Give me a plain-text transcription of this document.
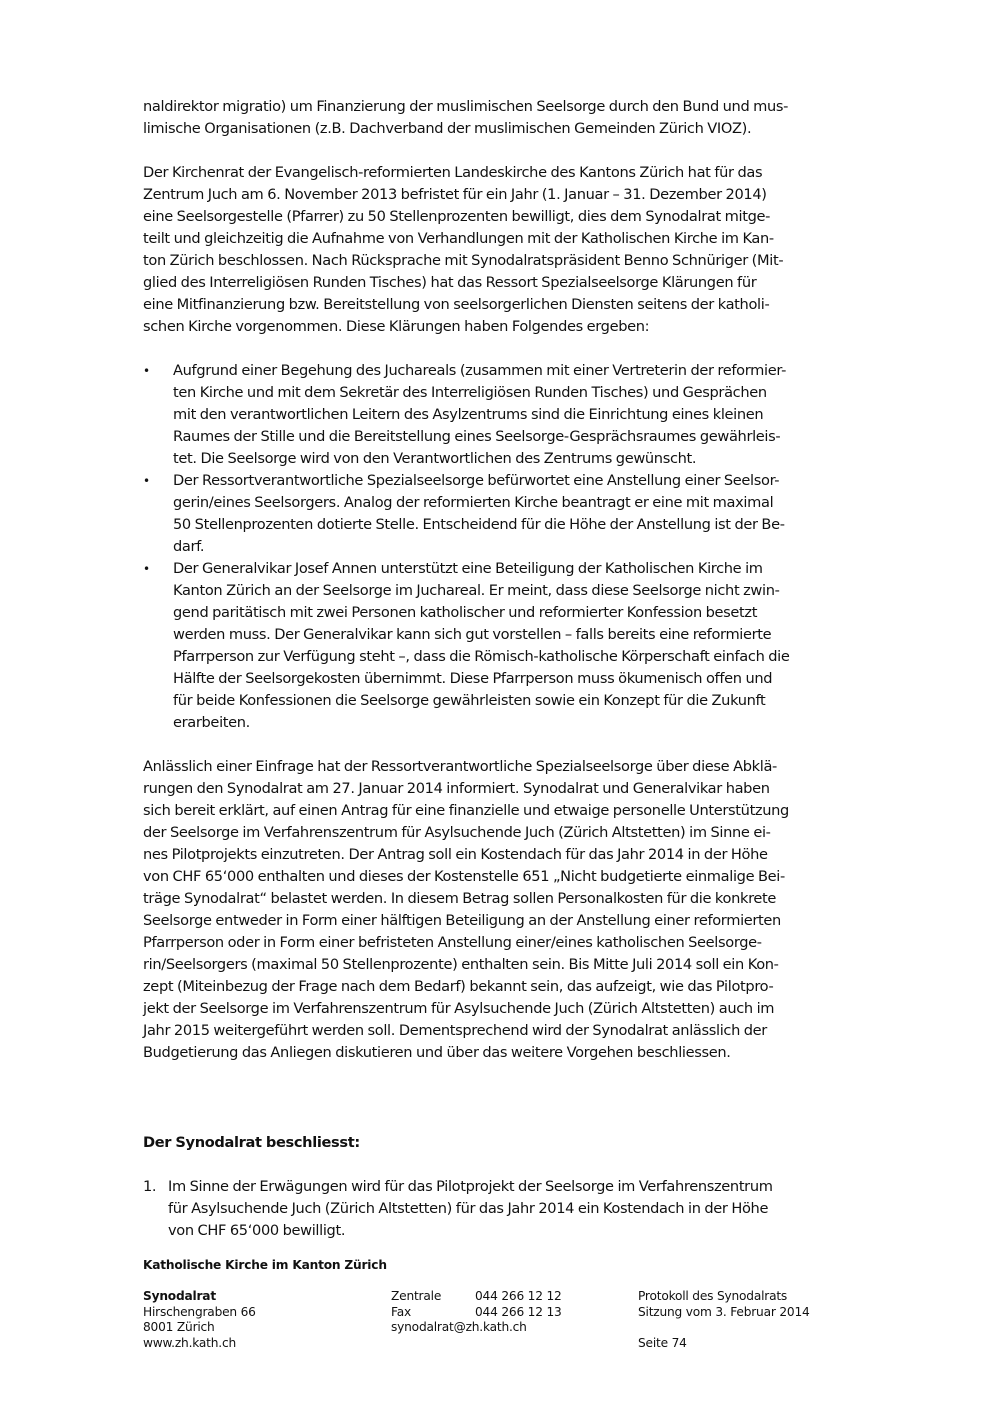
naldirektor migratio) um Finanzierung der muslimischen Seelsorge durch den Bund und mus-
limische Organisationen (z.B. Dachverband der muslimischen Gemeinden Zürich VIOZ).

Der Kirchenrat der Evangelisch-reformierten Landeskirche des Kantons Zürich hat für das
Zentrum Juch am 6. November 2013 befristet für ein Jahr (1. Januar – 31. Dezember 2014)
eine Seelsorgestelle (Pfarrer) zu 50 Stellenprozenten bewilligt, dies dem Synodalrat mitge-
teilt und gleichzeitig die Aufnahme von Verhandlungen mit der Katholischen Kirche im Kan-
ton Zürich beschlossen. Nach Rücksprache mit Synodalratspräsident Benno Schnüriger (Mit-
glied des Interreligiösen Runden Tisches) hat das Ressort Spezialseelsorge Klärungen für
eine Mitfinanzierung bzw. Bereitstellung von seelsorgerlichen Diensten seitens der katholi-
schen Kirche vorgenommen. Diese Klärungen haben Folgendes ergeben:

•	Aufgrund einer Begehung des Juchareals (zusammen mit einer Vertreterin der reformier-
ten Kirche und mit dem Sekretär des Interreligiösen Runden Tisches) und Gesprächen
mit den verantwortlichen Leitern des Asylzentrums sind die Einrichtung eines kleinen
Raumes der Stille und die Bereitstellung eines Seelsorge-Gesprächsraumes gewährleis-
tet. Die Seelsorge wird von den Verantwortlichen des Zentrums gewünscht.
•	Der Ressortverantwortliche Spezialseelsorge befürwortet eine Anstellung einer Seelsor-
gerin/eines Seelsorgers. Analog der reformierten Kirche beantragt er eine mit maximal
50 Stellenprozenten dotierte Stelle. Entscheidend für die Höhe der Anstellung ist der Be-
darf.
•	Der Generalvikar Josef Annen unterstützt eine Beteiligung der Katholischen Kirche im
Kanton Zürich an der Seelsorge im Juchareal. Er meint, dass diese Seelsorge nicht zwin-
gend paritätisch mit zwei Personen katholischer und reformierter Konfession besetzt
werden muss. Der Generalvikar kann sich gut vorstellen – falls bereits eine reformierte
Pfarrperson zur Verfügung steht –, dass die Römisch-katholische Körperschaft einfach die
Hälfte der Seelsorgekosten übernimmt. Diese Pfarrperson muss ökumenisch offen und
für beide Konfessionen die Seelsorge gewährleisten sowie ein Konzept für die Zukunft
erarbeiten.

Anlässlich einer Einfrage hat der Ressortverantwortliche Spezialseelsorge über diese Abklä-
rungen den Synodalrat am 27. Januar 2014 informiert. Synodalrat und Generalvikar haben
sich bereit erklärt, auf einen Antrag für eine finanzielle und etwaige personelle Unterstützung
der Seelsorge im Verfahrenszentrum für Asylsuchende Juch (Zürich Altstetten) im Sinne ei-
nes Pilotprojekts einzutreten. Der Antrag soll ein Kostendach für das Jahr 2014 in der Höhe
von CHF 65‘000 enthalten und dieses der Kostenstelle 651 „Nicht budgetierte einmalige Bei-
träge Synodalrat“ belastet werden. In diesem Betrag sollen Personalkosten für die konkrete
Seelsorge entweder in Form einer hälftigen Beteiligung an der Anstellung einer reformierten
Pfarrperson oder in Form einer befristeten Anstellung einer/eines katholischen Seelsorge-
rin/Seelsorgers (maximal 50 Stellenprozente) enthalten sein. Bis Mitte Juli 2014 soll ein Kon-
zept (Miteinbezug der Frage nach dem Bedarf) bekannt sein, das aufzeigt, wie das Pilotpro-
jekt der Seelsorge im Verfahrenszentrum für Asylsuchende Juch (Zürich Altstetten) auch im
Jahr 2015 weitergeführt werden soll. Dementsprechend wird der Synodalrat anlässlich der
Budgetierung das Anliegen diskutieren und über das weitere Vorgehen beschliessen.

Der Synodalrat beschliesst:

1. Im Sinne der Erwägungen wird für das Pilotprojekt der Seelsorge im Verfahrenszentrum
für Asylsuchende Juch (Zürich Altstetten) für das Jahr 2014 ein Kostendach in der Höhe
von CHF 65‘000 bewilligt.
Katholische Kirche im Kanton Zürich
Synodalrat
Hirschengraben 66
8001 Zürich
www.zh.kath.ch
Zentrale	044 266 12 12
Fax	044 266 12 13
synodalrat@zh.kath.ch
Protokoll des Synodalrats
Sitzung vom 3. Februar 2014

Seite 74
